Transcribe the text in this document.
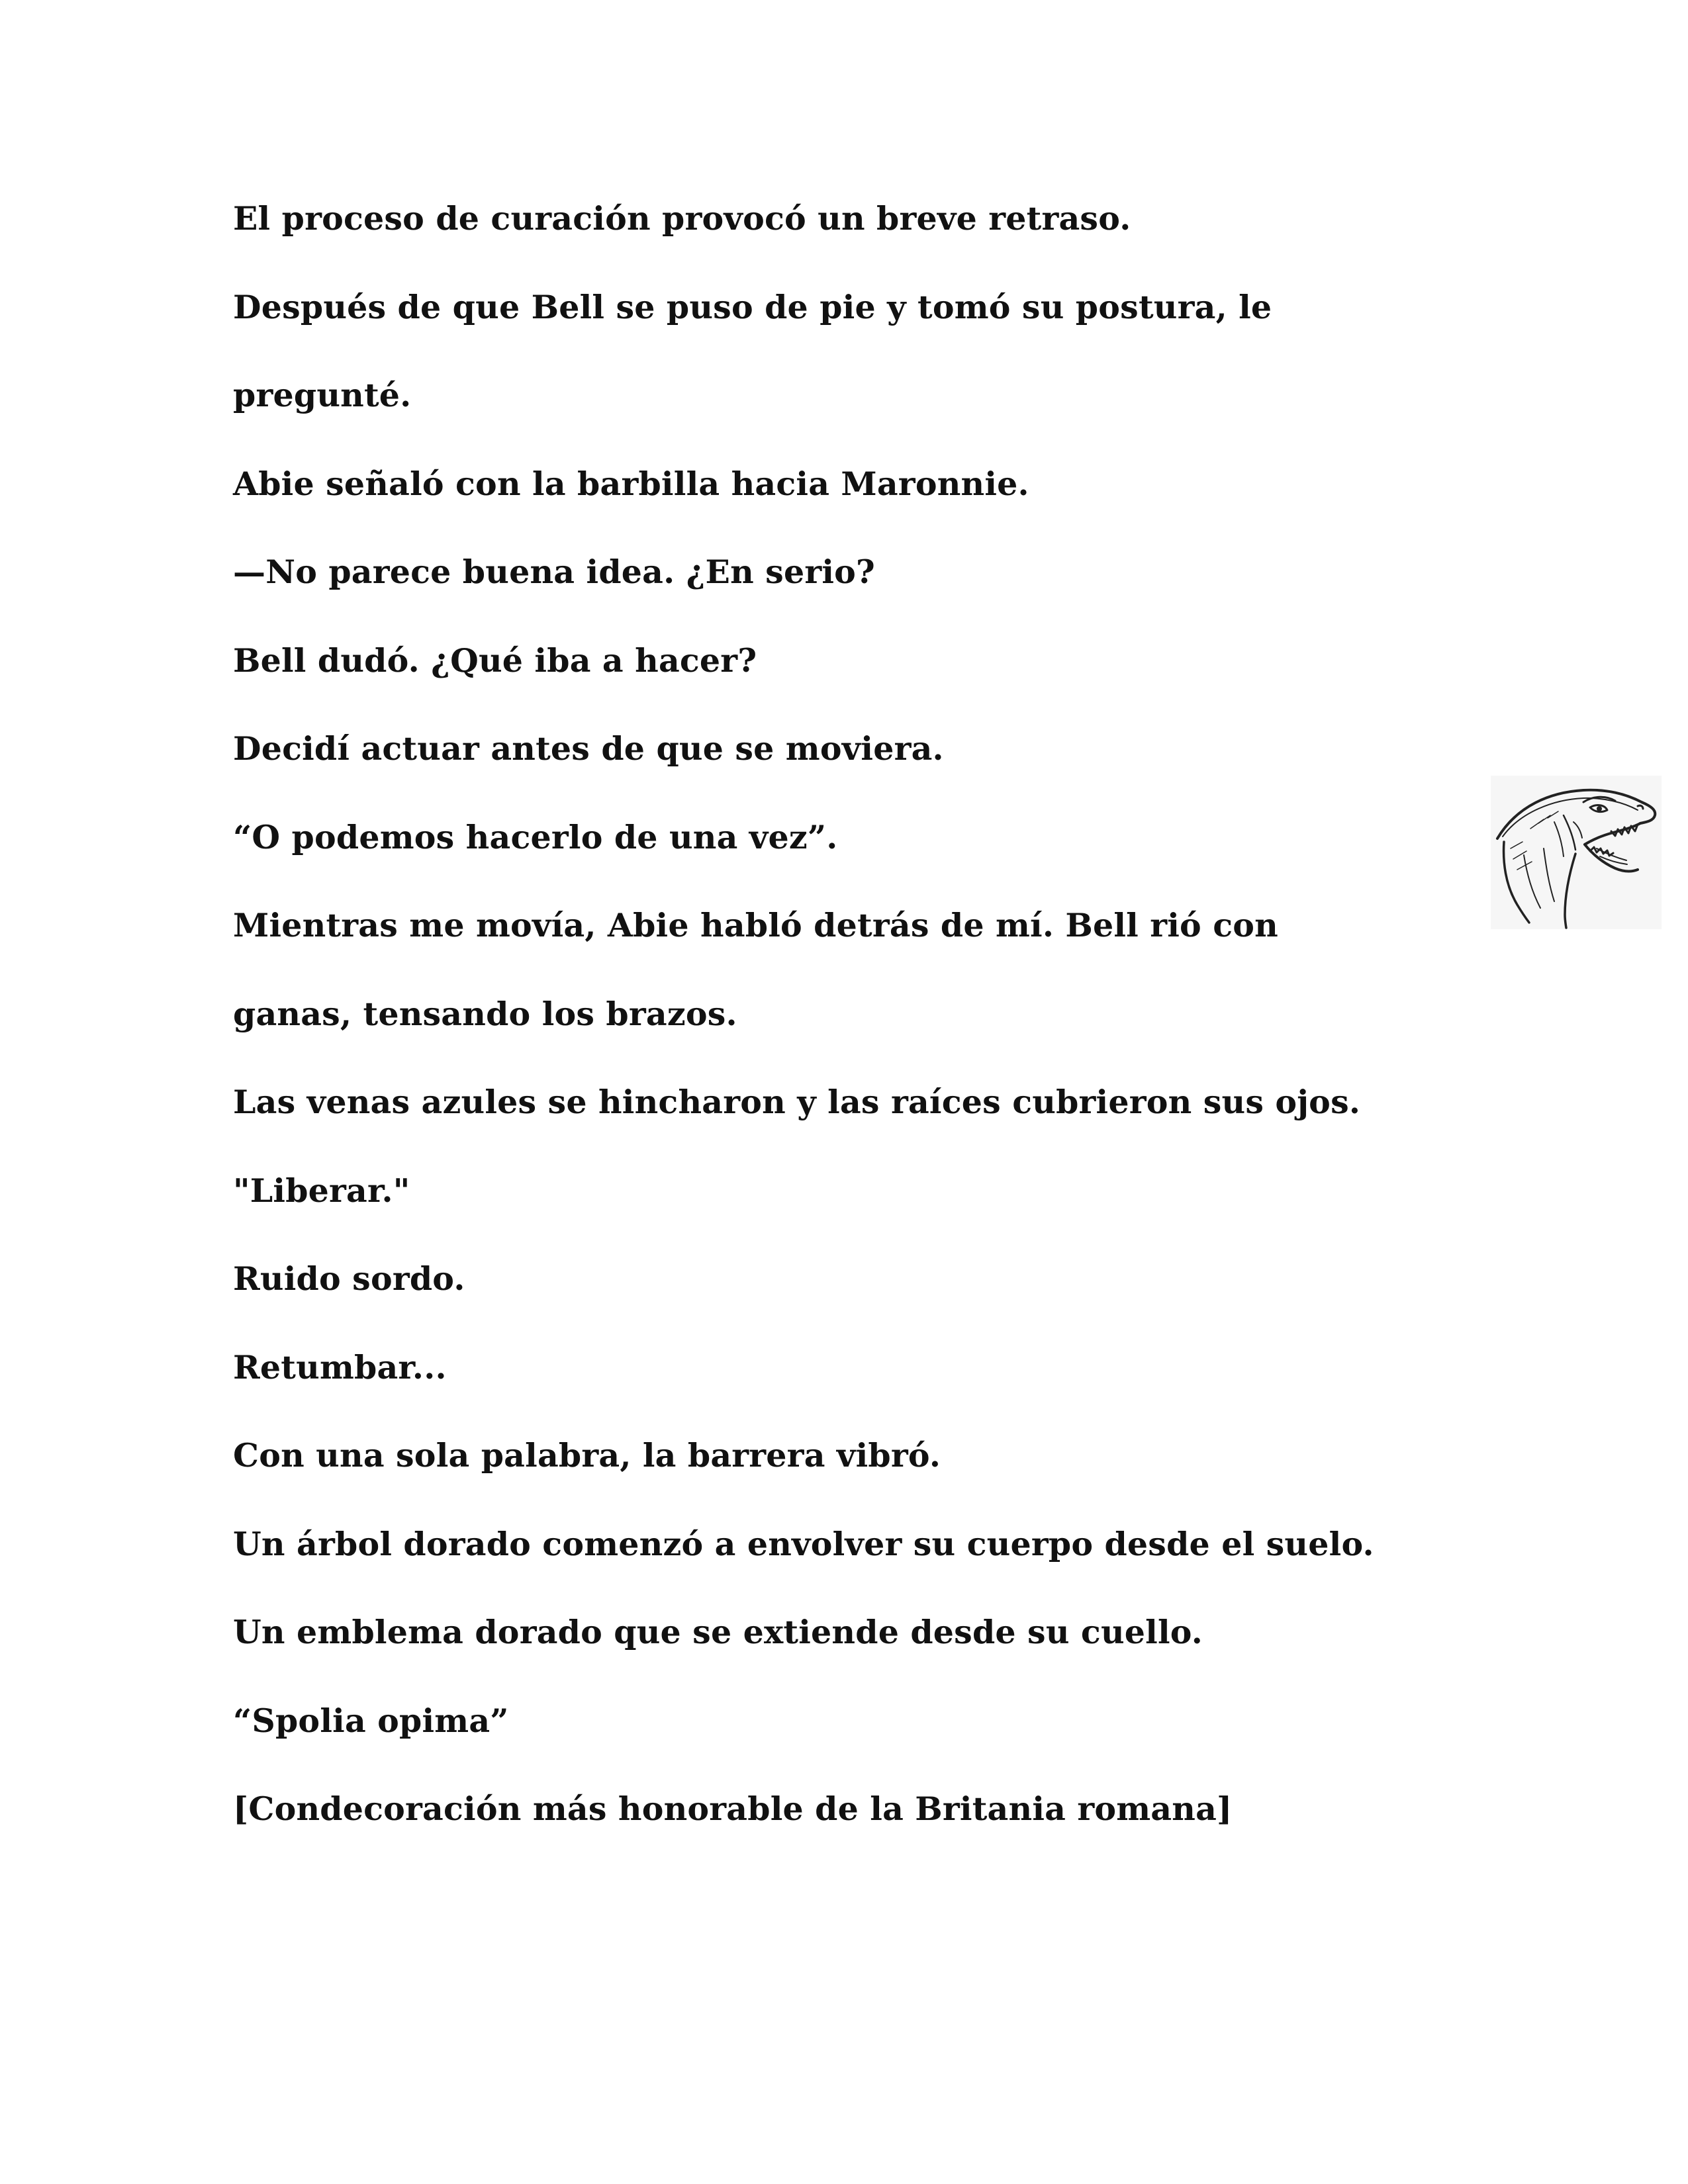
El proceso de curación provocó un breve retraso.
Después de que Bell se puso de pie y tomó su postura, le
pregunté.
Abie señaló con la barbilla hacia Maronnie.
—No parece buena idea. ¿En serio?
Bell dudó. ¿Qué iba a hacer?
Decidí actuar antes de que se moviera.
“O podemos hacerlo de una vez”.
Mientras me movía, Abie habló detrás de mí. Bell rió con
ganas, tensando los brazos.
Las venas azules se hincharon y las raíces cubrieron sus ojos.
"Liberar."
Ruido sordo.
Retumbar...
Con una sola palabra, la barrera vibró.
Un árbol dorado comenzó a envolver su cuerpo desde el suelo.
Un emblema dorado que se extiende desde su cuello.
“Spolia opima”
[Condecoración más honorable de la Britania romana]
